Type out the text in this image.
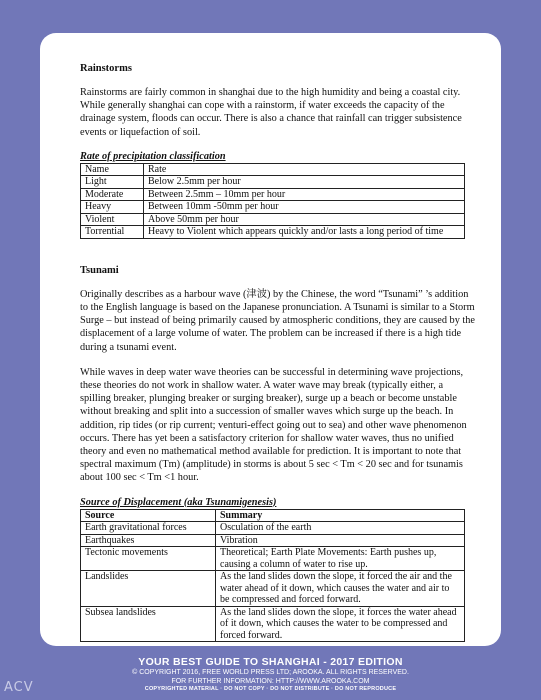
Rainstorms

Rainstorms are fairly common in shanghai due to the high humidity and being a coastal city. While generally shanghai can cope with a rainstorm, if water exceeds the capacity of the drainage system, floods can occur. There is also a chance that rainfall can trigger subsistence events or liquefaction of soil.

Rate of precipitation classification

Name	Rate
Light	Below 2.5mm per hour
Moderate	Between 2.5mm – 10mm per hour
Heavy	Between 10mm -50mm per hour
Violent	Above 50mm per hour
Torrential	Heavy to Violent which appears quickly and/or lasts a long period of time
Tsunami

Originally describes as a harbour wave (津波) by the Chinese, the word “Tsunami” ’s addition to the English language is based on the Japanese pronunciation. A Tsunami is similar to a Storm Surge – but instead of being primarily caused by atmospheric conditions, they are caused by the displacement of a large volume of water. The problem can be increased if there is a high tide during a tsunami event.

While waves in deep water wave theories can be successful in determining wave projections, these theories do not work in shallow water. A water wave may break (typically either, a spilling breaker, plunging breaker or surging breaker), surge up a beach or become unstable without breaking and split into a succession of smaller waves which surge up the beach. In addition, rip tides (or rip current; venturi-effect going out to sea) and other wave phenomenon occurs. There has yet been a satisfactory criterion for shallow water waves, thus no unified theory and even no mathematical method available for prediction. It is important to note that spectral maximum (Tm) (amplitude) in storms is about 5 sec < Tm < 20 sec and for tsunamis about 100 sec < Tm <1 hour.

Source of Displacement (aka Tsunamigenesis)

Source	Summary
Earth gravitational forces	Osculation of the earth
Earthquakes	Vibration
Tectonic movements	Theoretical; Earth Plate Movements: Earth pushes up, causing a column of water to rise up.
Landslides	As the land slides down the slope, it forced the air and the water ahead of it down, which causes the water and air to be compressed and forced forward.
Subsea landslides	As the land slides down the slope, it forces the water ahead of it down, which causes the water to be compressed and forced forward.
YOUR BEST GUIDE TO SHANGHAI - 2017 EDITION
© COPYRIGHT 2016, FREE WORLD PRESS LTD; AROOKA. ALL RIGHTS RESERVED.
FOR FURTHER INFORMATION: HTTP://WWW.AROOKA.COM
COPYRIGHTED MATERIAL · DO NOT COPY · DO NOT DISTRIBUTE · DO NOT REPRODUCE
ACV
